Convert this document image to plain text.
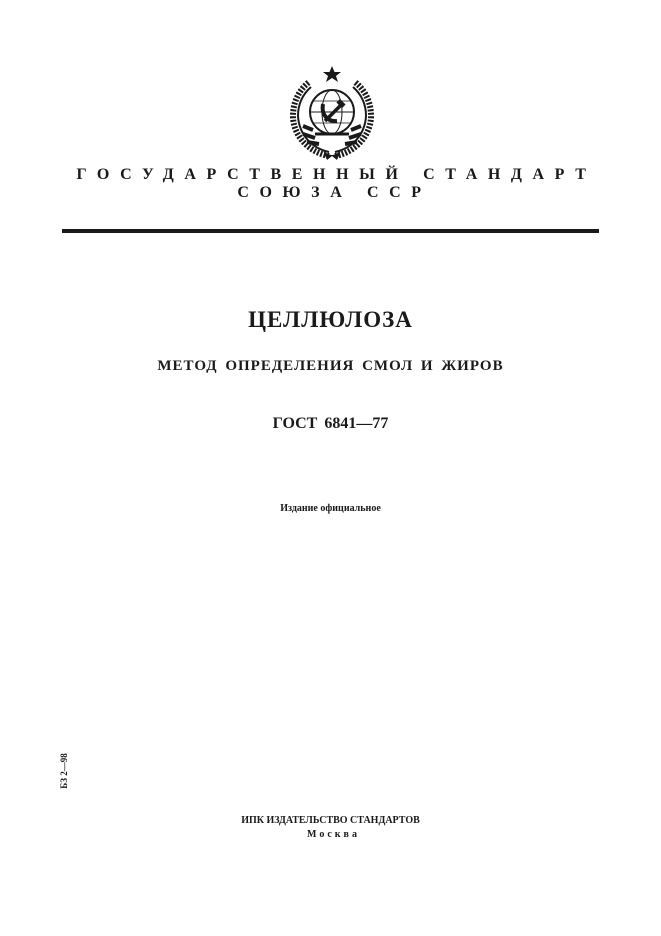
ГОСУДАРСТВЕННЫЙ СТАНДАРТ
СОЮЗА ССР
ЦЕЛЛЮЛОЗА
МЕТОД ОПРЕДЕЛЕНИЯ СМОЛ И ЖИРОВ
ГОСТ 6841—77
Издание официальное
БЗ 2—98
ИПК ИЗДАТЕЛЬСТВО СТАНДАРТОВ
Москва
